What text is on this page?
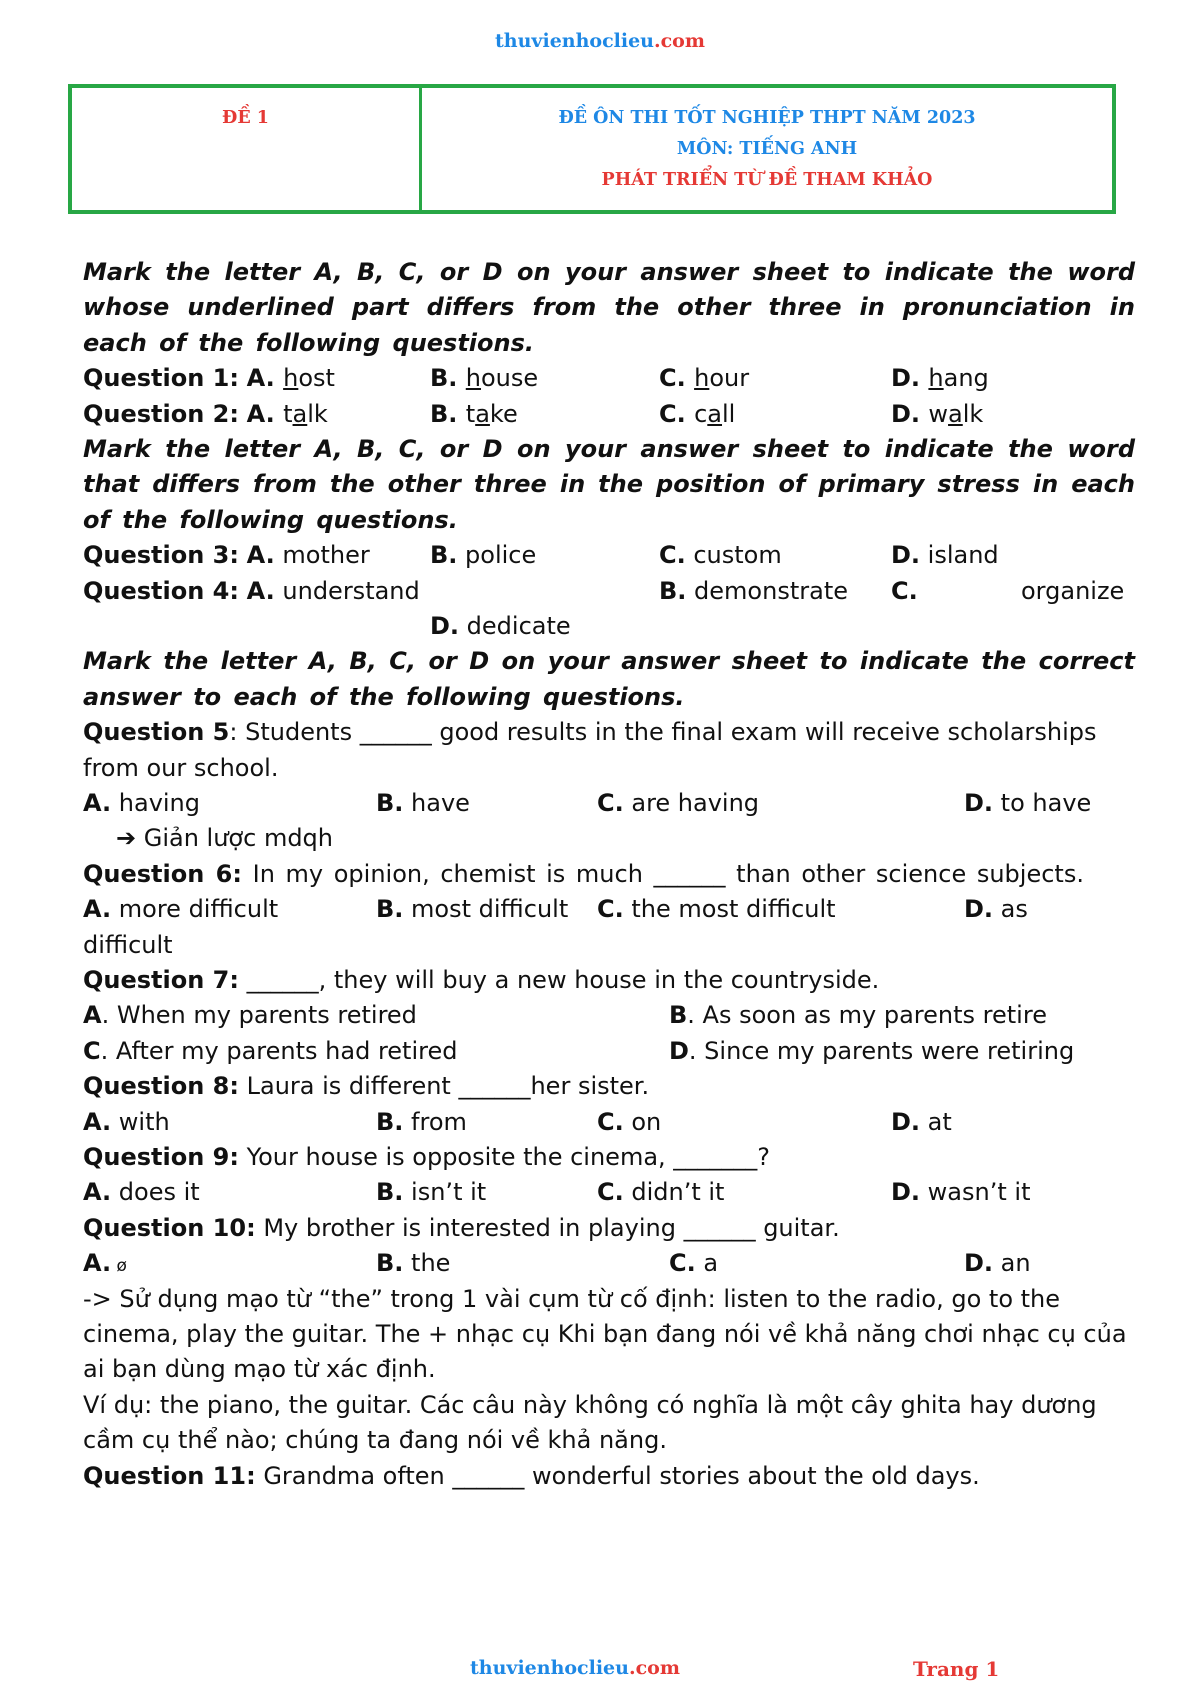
thuvienhoclieu.com
ĐỀ 1	ĐỀ ÔN THI TỐT NGHIỆP THPT NĂM 2023
MÔN: TIẾNG ANH
PHÁT TRIỂN TỪ ĐỀ THAM KHẢO
Mark the letter A, B, C, or D on your answer sheet to indicate the word whose underlined part differs from the other three in pronunciation in each of the following questions.
Question 1: A. host	B. house	C. hour	D. hang
Question 2: A. talk	B. take	C. call	D. walk
Mark the letter A, B, C, or D on your answer sheet to indicate the word that differs from the other three in the position of primary stress in each of the following questions.
Question 3: A. mother	B. police	C. custom	D. island
Question 4: A. understand	B. demonstrate C.	organize
D. dedicate
Mark the letter A, B, C, or D on your answer sheet to indicate the correct answer to each of the following questions.
Question 5: Students ______ good results in the final exam will receive scholarships from our school.
A. having	B. have	C. are having	D. to have
➔ Giản lược mdqh
Question 6: In my opinion, chemist is much ______ than other science subjects.
A. more difficult	B. most difficult C. the most difficult	D. as
difficult
Question 7: ______, they will buy a new house in the countryside.
A. When my parents retired	B. As soon as my parents retire
C. After my parents had retired	D. Since my parents were retiring
Question 8: Laura is different ______her sister.
A. with	B. from	C. on	D. at
Question 9: Your house is opposite the cinema, _______?
A. does it	B. isn’t it	C. didn’t it	D. wasn’t it
Question 10: My brother is interested in playing ______ guitar.
A. ø	B. the	C. a	D. an
-> Sử dụng mạo từ “the” trong 1 vài cụm từ cố định: listen to the radio, go to the cinema, play the guitar. The + nhạc cụ Khi bạn đang nói về khả năng chơi nhạc cụ của ai bạn dùng mạo từ xác định.
Ví dụ: the piano, the guitar. Các câu này không có nghĩa là một cây ghita hay dương cầm cụ thể nào; chúng ta đang nói về khả năng.
Question 11: Grandma often ______ wonderful stories about the old days.
thuvienhoclieu.com	Trang 1
